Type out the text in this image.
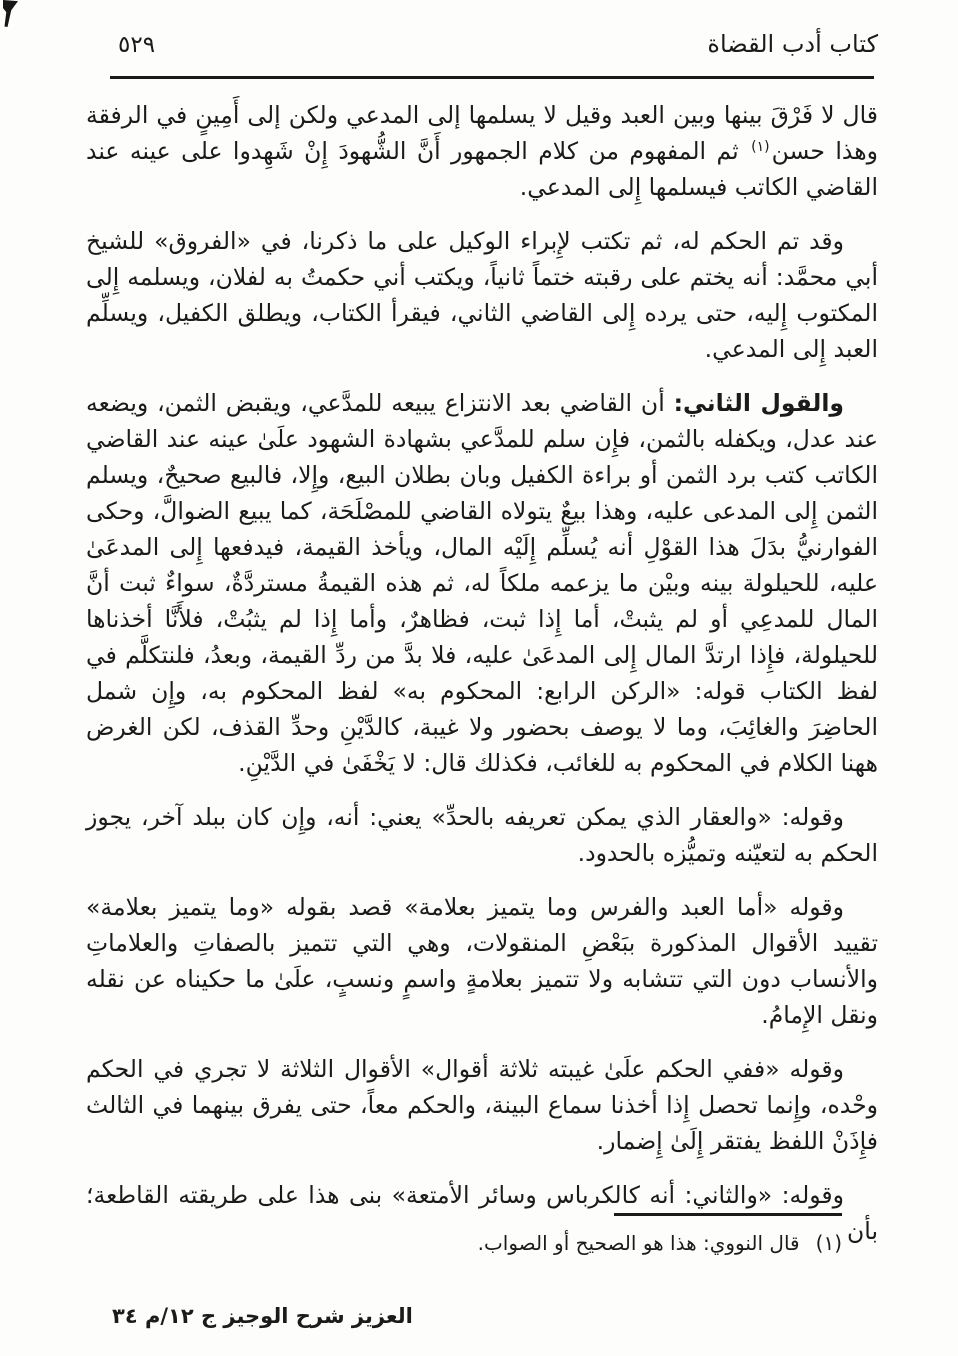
كتاب أدب القضاة
٥٢٩

قال لا فَرْقَ بينها وبين العبد وقيل لا يسلمها إلى المدعي ولكن إلى أَمِينٍ في الرفقة وهذا حسن$^{(١)}$ ثم المفهوم من كلام الجمهور أَنَّ الشُّهودَ إِنْ شَهِدوا على عينه عند القاضي الكاتب فيسلمها إِلى المدعي.

وقد تم الحكم له، ثم تكتب لإِبراء الوكيل على ما ذكرنا، في «الفروق» للشيخ أبي محمَّد: أنه يختم على رقبته ختماً ثانياً، ويكتب أني حكمتُ به لفلان، ويسلمه إِلى المكتوب إِليه، حتى يرده إِلى القاضي الثاني، فيقرأ الكتاب، ويطلق الكفيل، ويسلِّم العبد إِلى المدعي.

والقول الثاني: أن القاضي بعد الانتزاع يبيعه للمدَّعي، ويقبض الثمن، ويضعه عند عدل، ويكفله بالثمن، فإِن سلم للمدَّعي بشهادة الشهود علَىٰ عينه عند القاضي الكاتب كتب برد الثمن أو براءة الكفيل وبان بطلان البيع، وإِلا، فالبيع صحيحٌ، ويسلم الثمن إِلى المدعى عليه، وهذا بيعٌ يتولاه القاضي للمصْلَحَة، كما يبيع الضوالَّ، وحكى الفوارنيُّ بدَلَ هذا القوْلِ أنه يُسلِّم إِلَيْه المال، ويأخذ القيمة، فيدفعها إِلى المدعَىٰ عليه، للحيلولة بينه وبيْن ما يزعمه ملكاً له، ثم هذه القيمةُ مستردَّةٌ، سواءٌ ثبت أنَّ المال للمدعِي أو لم يثبتْ، أما إِذا ثبت، فظاهرٌ، وأما إِذا لم يثبُتْ، فلأَنَّا أخذناها للحيلولة، فإِذا ارتدَّ المال إِلى المدعَىٰ عليه، فلا بدَّ من ردِّ القيمة، وبعدُ، فلنتكلَّم في لفظ الكتاب قوله: «الركن الرابع: المحكوم به» لفظ المحكوم به، وإِن شمل الحاضِرَ والغائِبَ، وما لا يوصف بحضور ولا غيبة، كالدَّيْنِ وحدِّ القذف، لكن الغرض ههنا الكلام في المحكوم به للغائب، فكذلك قال: لا يَخْفَىٰ في الدَّيْنِ.

وقوله: «والعقار الذي يمكن تعريفه بالحدِّ» يعني: أنه، وإِن كان ببلد آخر، يجوز الحكم به لتعيّنه وتميُّزه بالحدود.

وقوله «أما العبد والفرس وما يتميز بعلامة» قصد بقوله «وما يتميز بعلامة» تقييد الأقوال المذكورة ببَعْضِ المنقولات، وهي التي تتميز بالصفاتِ والعلاماتِ والأنساب دون التي تتشابه ولا تتميز بعلامةٍ واسمٍ ونسبٍ، علَىٰ ما حكيناه عن نقله ونقل الإِمامُ.

وقوله «ففي الحكم علَىٰ غيبته ثلاثة أقوال» الأقوال الثلاثة لا تجري في الحكم وحْده، وإِنما تحصل إِذا أخذنا سماع البينة، والحكم معاً، حتى يفرق بينهما في الثالث فإِذَنْ اللفظ يفتقر إِلَىٰ إِضمار.

وقوله: «والثاني: أنه كالكرباس وسائر الأمتعة» بنى هذا على طريقته القاطعة؛ بأن

(١)قال النووي: هذا هو الصحيح أو الصواب.
العزيز شرح الوجيز ج ١٢/م ٣٤
